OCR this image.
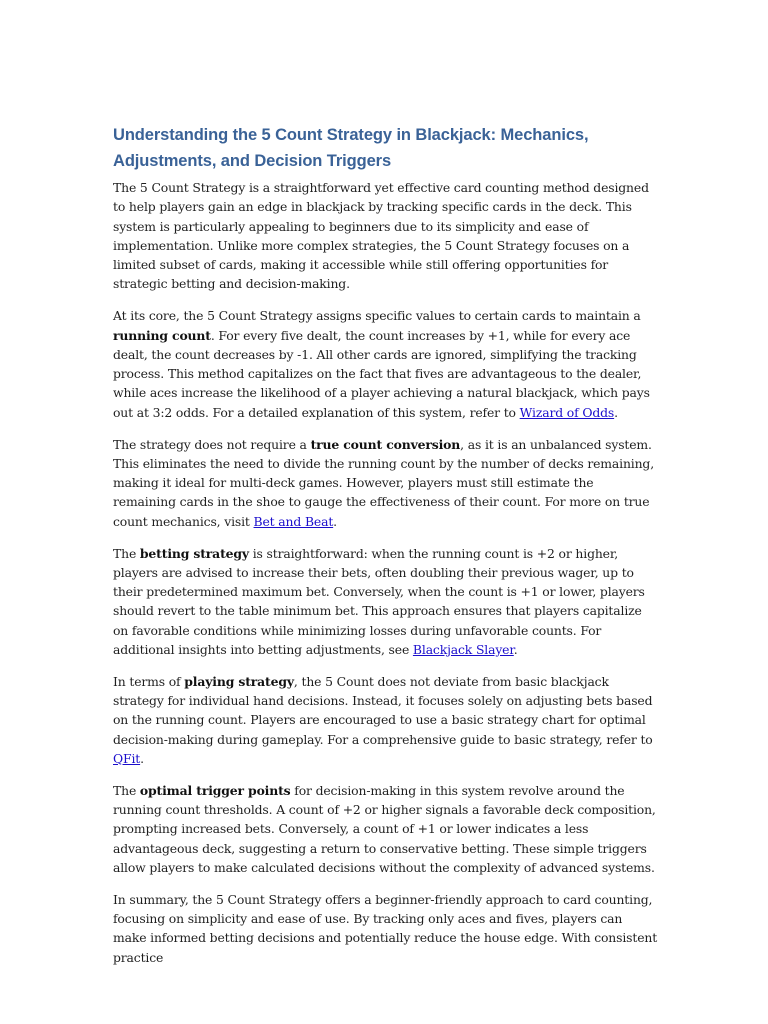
Understanding the 5 Count Strategy in Blackjack: Mechanics, Adjustments, and Decision Triggers

The 5 Count Strategy is a straightforward yet effective card counting method designed to help players gain an edge in blackjack by tracking specific cards in the deck. This system is particularly appealing to beginners due to its simplicity and ease of implementation. Unlike more complex strategies, the 5 Count Strategy focuses on a limited subset of cards, making it accessible while still offering opportunities for strategic betting and decision-making.

At its core, the 5 Count Strategy assigns specific values to certain cards to maintain a running count. For every five dealt, the count increases by +1, while for every ace dealt, the count decreases by -1. All other cards are ignored, simplifying the tracking process. This method capitalizes on the fact that fives are advantageous to the dealer, while aces increase the likelihood of a player achieving a natural blackjack, which pays out at 3:2 odds. For a detailed explanation of this system, refer to Wizard of Odds.

The strategy does not require a true count conversion, as it is an unbalanced system. This eliminates the need to divide the running count by the number of decks remaining, making it ideal for multi-deck games. However, players must still estimate the remaining cards in the shoe to gauge the effectiveness of their count. For more on true count mechanics, visit Bet and Beat.

The betting strategy is straightforward: when the running count is +2 or higher, players are advised to increase their bets, often doubling their previous wager, up to their predetermined maximum bet. Conversely, when the count is +1 or lower, players should revert to the table minimum bet. This approach ensures that players capitalize on favorable conditions while minimizing losses during unfavorable counts. For additional insights into betting adjustments, see Blackjack Slayer.

In terms of playing strategy, the 5 Count does not deviate from basic blackjack strategy for individual hand decisions. Instead, it focuses solely on adjusting bets based on the running count. Players are encouraged to use a basic strategy chart for optimal decision-making during gameplay. For a comprehensive guide to basic strategy, refer to QFit.

The optimal trigger points for decision-making in this system revolve around the running count thresholds. A count of +2 or higher signals a favorable deck composition, prompting increased bets. Conversely, a count of +1 or lower indicates a less advantageous deck, suggesting a return to conservative betting. These simple triggers allow players to make calculated decisions without the complexity of advanced systems.

In summary, the 5 Count Strategy offers a beginner-friendly approach to card counting, focusing on simplicity and ease of use. By tracking only aces and fives, players can make informed betting decisions and potentially reduce the house edge. With consistent practice
